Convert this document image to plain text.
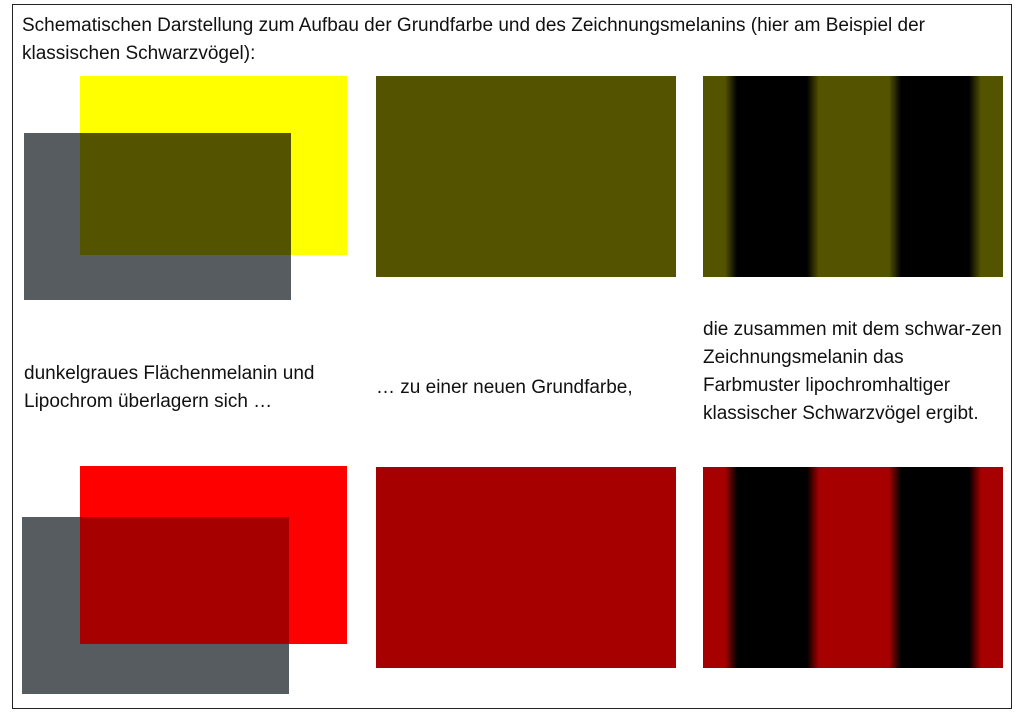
Schematischen Darstellung zum Aufbau der Grundfarbe und des Zeichnungsmelanins (hier am Beispiel der klassischen Schwarzvögel):
dunkelgraues Flächenmelanin und Lipochrom überlagern sich …
… zu einer neuen Grundfarbe,
die zusammen mit dem schwar-zen Zeichnungsmelanin das Farbmuster lipochromhaltiger klassischer Schwarzvögel ergibt.
